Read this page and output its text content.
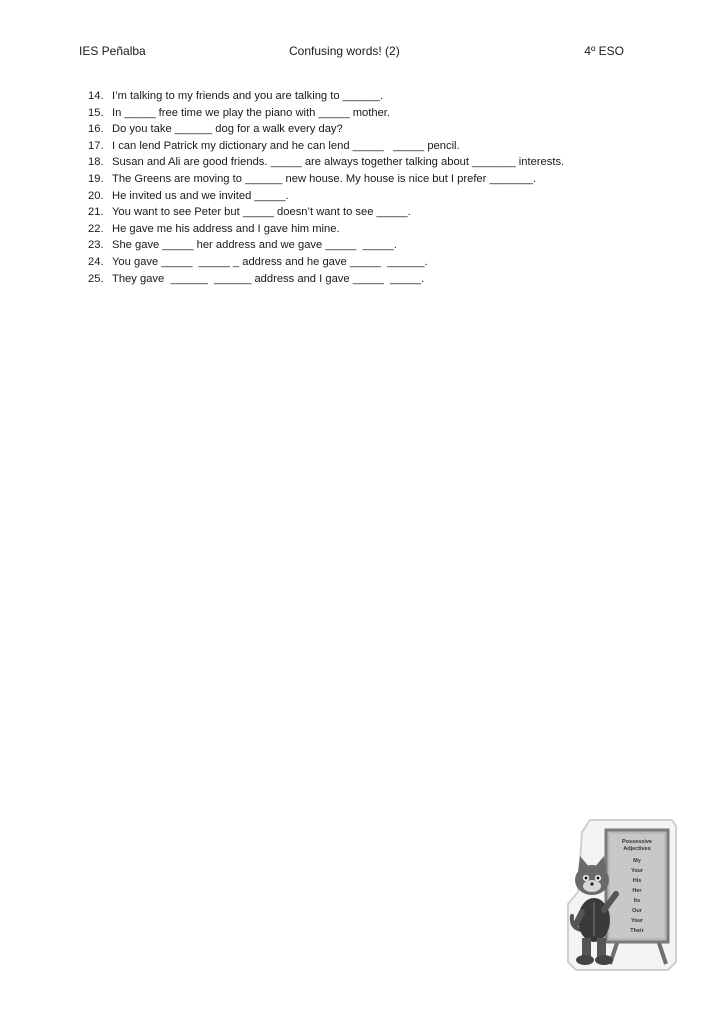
IES Peñalba	Confusing words! (2)	4º ESO
14. I’m talking to my friends and you are talking to ______.
15. In _____ free time we play the piano with _____ mother.
16. Do you take ______ dog for a walk every day?
17. I can lend Patrick my dictionary and he can lend _____   _____ pencil.
18. Susan and Ali are good friends. _____ are always together talking about _______ interests.
19. The Greens are moving to ______ new house. My house is nice but I prefer _______.
20. He invited us and we invited _____.
21. You want to see Peter but _____ doesn’t want to see _____.
22. He gave me his address and I gave him mine.
23. She gave _____ her address and we gave _____  _____.
24. You gave _____  _____ _ address and he gave _____  ______.
25. They gave  ______  ______ address and I gave _____  _____.
Possessive
Adjectives
My
Your
His
Her
Its
Our
Your
Their
